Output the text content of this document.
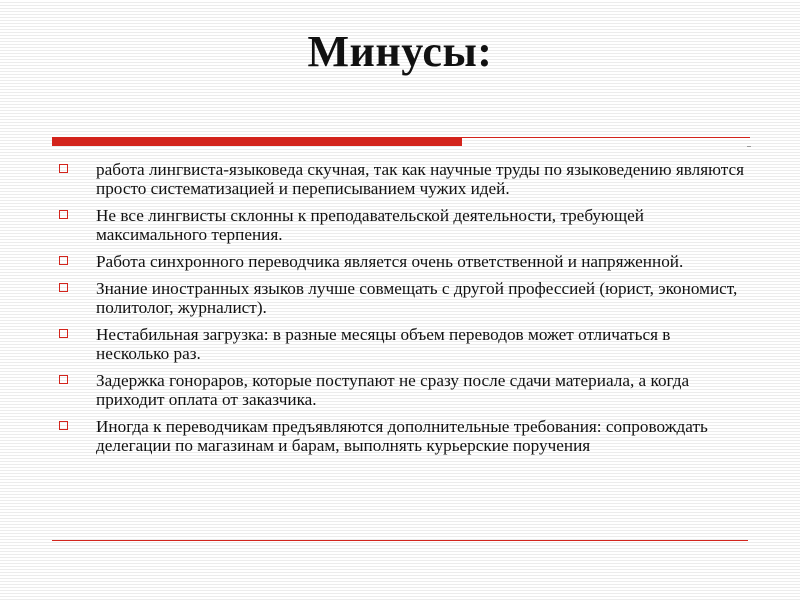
Минусы:
работа лингвиста-языковеда скучная, так как научные труды по языковедению являются просто систематизацией и переписыванием чужих идей.
Не все лингвисты склонны к преподавательской деятельности, требующей максимального терпения.
Работа синхронного переводчика является очень ответственной и напряженной.
Знание иностранных языков лучше совмещать с другой профессией (юрист, экономист, политолог, журналист).
Нестабильная загрузка: в разные месяцы объем переводов может отличаться в несколько раз.
Задержка гонораров, которые поступают не сразу после сдачи материала, а когда приходит оплата от заказчика.
Иногда к переводчикам предъявляются дополнительные требования: сопровождать делегации по магазинам и барам, выполнять курьерские поручения
